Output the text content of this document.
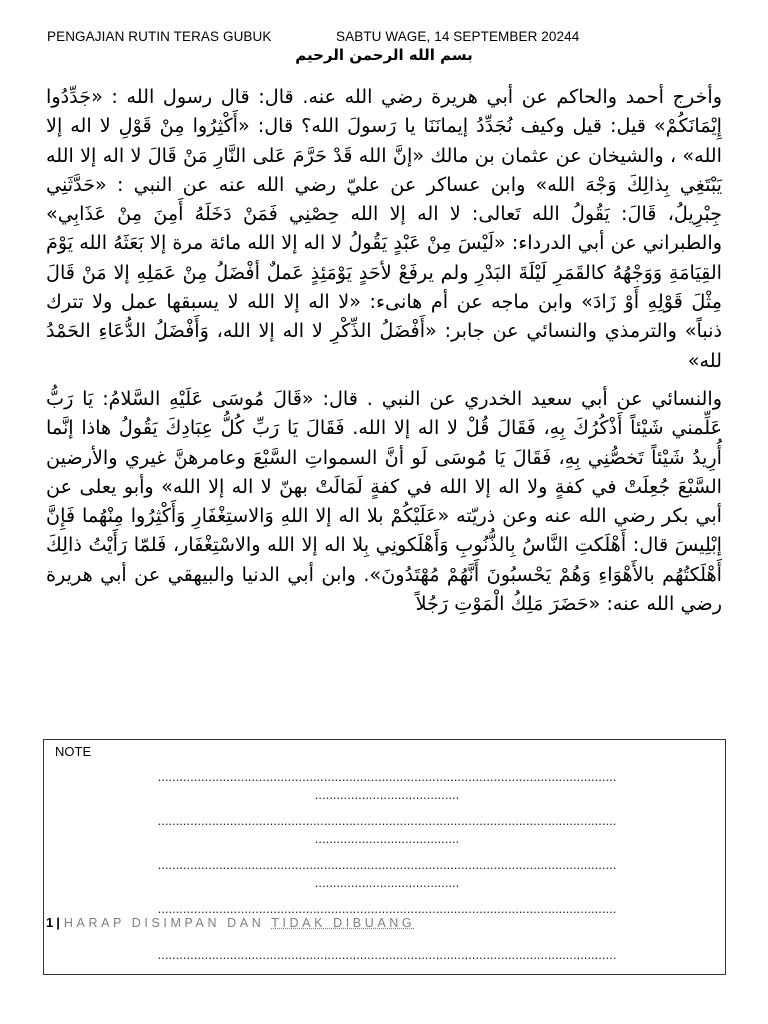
PENGAJIAN RUTIN TERAS GUBUK	SABTU WAGE, 14 SEPTEMBER 20244
بسم الله الرحمن الرحيم

وأخرج أحمد والحاكم عن أبي هريرة رضي الله عنه. قال: قال رسول الله : «جَدِّدُوا إِيْمَانَكُمْ» قيل: قيل وكيف نُجَدِّدُ إيمانَنَا يا رَسولَ الله؟ قال: «أَكْثِرُوا مِنْ قَوْلِ لا اله إلا الله» ، والشيخان عن عثمان بن مالك «إنَّ الله قَدْ حَرَّمَ عَلى النَّارِ مَنْ قَالَ لا اله إلا الله يَبْتَغِي بِذالِكَ وَجْهَ الله» وابن عساكر عن عليّ رضي الله عنه عن النبي : «حَدَّثَنِي جِبْرِيلُ، قَالَ: يَقُولُ الله تَعالى: لا اله إلا الله حِصْنِي فَمَنْ دَخَلَهُ أَمِنَ مِنْ عَذَابِي» والطبراني عن أبي الدرداء: «لَيْسَ مِنْ عَبْدٍ يَقُولُ لا اله إلا الله مائة مرة إلا بَعَثَهُ الله يَوْمَ القِيَامَةِ وَوَجْهُهُ كالقَمَرِ لَيْلَةَ البَدْرِ ولم يرفَعْ لأحَدٍ يَوْمَئِذٍ عَملٌ أفْضَلُ مِنْ عَمَلِهِ إلا مَنْ قَالَ مِثْلَ قَوْلِهِ أَوْ زَادَ» وابن ماجه عن أم هانىء: «لا اله إلا الله لا يسبقها عمل ولا تترك ذنباً» والترمذي والنسائي عن جابر: «أَفْضَلُ الذِّكْرِ لا اله إلا الله، وَأَفْضَلُ الدُّعَاءِ الحَمْدُ لله»

والنسائي عن أبي سعيد الخدري عن النبي . قال: «قَالَ مُوسَى عَلَيْهِ السَّلامُ: يَا رَبُّ عَلِّمني شَيْئاً أَذْكُرُكَ بِهِ، فَقَالَ قُلْ لا اله إلا الله. فَقَالَ يَا رَبِّ كُلُّ عِبَادِكَ يَقُولُ هاذا إنَّما أُرِيدُ شَيْئاً تَخصُّنِي بِهِ، فَقَالَ يَا مُوسَى لَو أنَّ السمواتِ السَّبْعَ وعامرهنَّ غيري والأرضين السَّبْعَ جُعِلَتْ في كفةٍ ولا اله إلا الله في كفةٍ لَمَالَتْ بهنّ لا اله إلا الله» وأبو يعلى عن أبي بكر رضي الله عنه وعن ذريّته «عَلَيْكُمْ بلا اله إلا اللهِ وَالاستِغْفَارِ وَأَكْثِرُوا مِنْهُما فَإِنَّ إبْلِيسَ قال: أَهْلَكتِ النَّاسُ بِالذُّنُوبِ وَأَهْلَكونِي بِلا اله إلا الله والاسْتِغْفَار، فَلمّا رَأَيْتُ ذالِكَ أَهْلَكتُهُم بالأَهْوَاءِ وَهُمْ يَحْسبُونَ أَنَّهُمْ مُهْتَدُونَ». وابن أبي الدنيا والبيهقي عن أبي هريرة رضي الله عنه: «حَضَرَ مَلِكُ الْمَوْتِ رَجُلاً

NOTE
...............................................................................................................................
........................................
...............................................................................................................................
........................................
...............................................................................................................................
........................................
...............................................................................................................................
...............................................................................................................................
1 | HARAP DISIMPAN DAN TIDAK DIBUANG
